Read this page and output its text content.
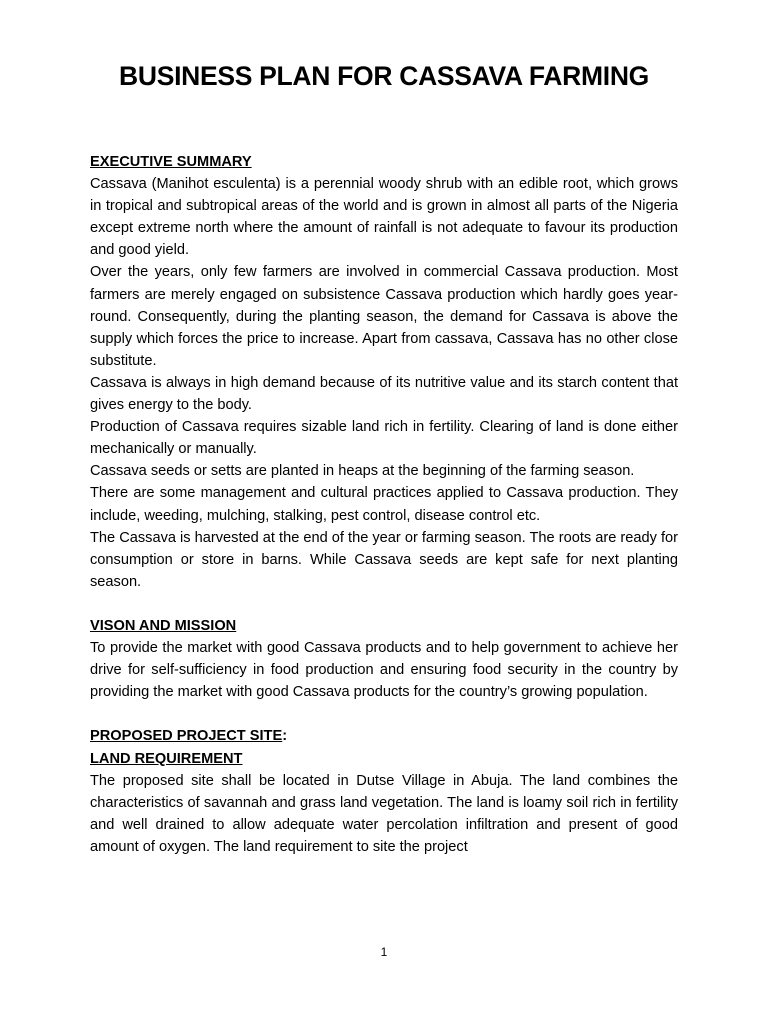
BUSINESS PLAN FOR CASSAVA FARMING
EXECUTIVE SUMMARY

Cassava (Manihot esculenta) is a perennial woody shrub with an edible root, which grows in tropical and subtropical areas of the world and is grown in almost all parts of the Nigeria except extreme north where the amount of rainfall is not adequate to favour its production and good yield.

Over the years, only few farmers are involved in commercial Cassava production. Most farmers are merely engaged on subsistence Cassava production which hardly goes year-round. Consequently, during the planting season, the demand for Cassava is above the supply which forces the price to increase. Apart from cassava, Cassava has no other close substitute.

Cassava is always in high demand because of its nutritive value and its starch content that gives energy to the body.

Production of Cassava requires sizable land rich in fertility. Clearing of land is done either mechanically or manually.

Cassava seeds or setts are planted in heaps at the beginning of the farming season.

There are some management and cultural practices applied to Cassava production. They include, weeding, mulching, stalking, pest control, disease control etc.

The Cassava is harvested at the end of the year or farming season. The roots are ready for consumption or store in barns. While Cassava seeds are kept safe for next planting season.

VISON AND MISSION

To provide the market with good Cassava products and to help government to achieve her drive for self-sufficiency in food production and ensuring food security in the country by providing the market with good Cassava products for the country’s growing population.

PROPOSED PROJECT SITE:
LAND REQUIREMENT

The proposed site shall be located in Dutse Village in Abuja. The land combines the characteristics of savannah and grass land vegetation. The land is loamy soil rich in fertility and well drained to allow adequate water percolation infiltration and present of good amount of oxygen. The land requirement to site the project

1
